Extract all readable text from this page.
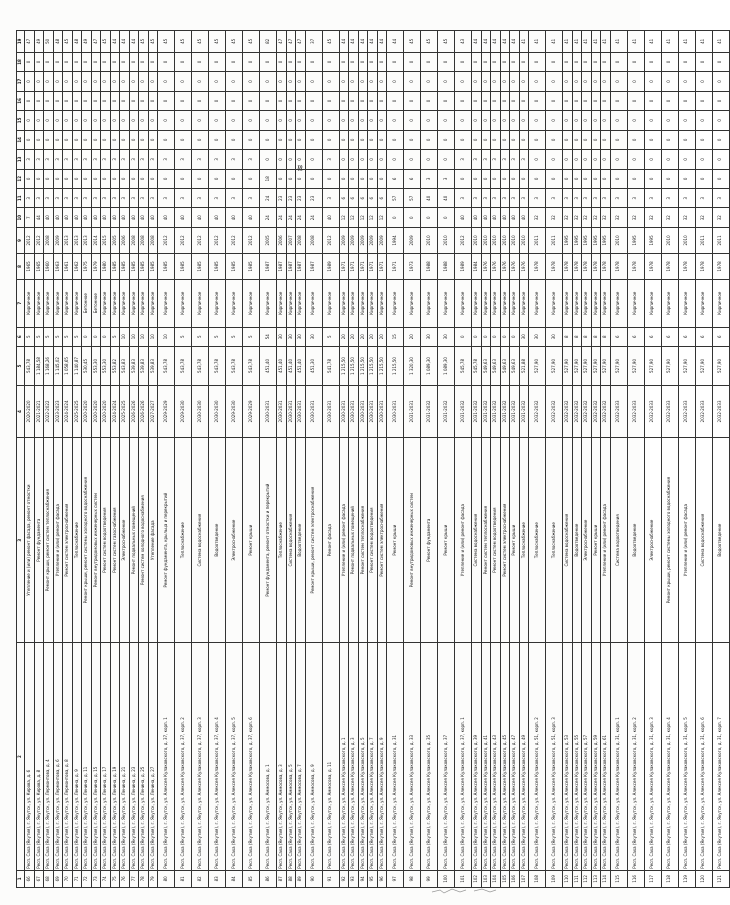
≋
1	2	3	4	5	6	7	8	9	10	11	12	13	14	15	16	17	18	19
66	Респ. Саха (Якутия), г. Якутск, ул. Кирова, д. 6	Утепление и (или) ремонт фасада, ремонт отмостки	2020-2020	543,78	5	Кирпичное	1965	2012	7	3	0	3	0	0	0	0	0	47
67	Респ. Саха (Якутия), г. Якутск, ул. Кирова, д. 8	Ремонт фундамента	2021-2021	1 184,58	5	Кирпичное	1965	2012	44	3	0	3	0	0	0	0	0	49
68	Респ. Саха (Якутия), г. Якутск, ул. Лермонтова, д. 4	Ремонт крыши, ремонт систем теплоснабжения	2022-2022	1 168,26	5	Кирпичное	1960	2008	40	3	0	3	0	0	0	0	0	50
69	Респ. Саха (Якутия), г. Якутск, ул. Лермонтова, д. 6	Утепление и (или) ремонт фасада	2023-2023	1 145,02	5	Кирпичное	1963	2009	40	3	0	3	0	0	0	0	0	48
70	Респ. Саха (Якутия), г. Якутск, ул. Лермонтова, д. 8	Ремонт систем электроснабжения	2024-2024	1 058,65	5	Кирпичное	1961	2013	40	3	0	3	0	0	0	0	0	45
71	Респ. Саха (Якутия), г. Якутск, ул. Ленина, д. 9	Теплоснабжение	2025-2025	1 140,87	5	Кирпичное	1962	2013	40	3	0	3	0	0	0	0	0	48
72	Респ. Саха (Якутия), г. Якутск, ул. Ленина, д. 11	Ремонт крыши, ремонт системы холодного водоснабжения	2020-2020	530,45	0	Бетонное	1975	2013	40	3	0	3	0	0	0	0	0	49
73	Респ. Саха (Якутия), г. Якутск, ул. Ленина, д. 15	Ремонт внутридомовых инженерных систем	2020-2020	553,30	0	Бетонное	1979	2014	40	3	0	3	0	0	0	0	0	47
74	Респ. Саха (Якутия), г. Якутск, ул. Ленина, д. 17	Ремонт систем водоотведения	2020-2020	553,30	0	Кирпичное	1980	2015	40	3	0	3	0	0	0	0	0	45
75	Респ. Саха (Якутия), г. Якутск, ул. Ленина, д. 19	Ремонт систем газоснабжения	2024-2024	553,82	5	Кирпичное	1985	2005	40	3	0	3	0	0	0	0	0	44
76	Респ. Саха (Якутия), г. Якутск, ул. Ленина, д. 21	Электроснабжение	2025-2025	543,83	10	Кирпичное	1985	2006	40	3	0	3	0	0	0	0	0	44
77	Респ. Саха (Якутия), г. Якутск, ул. Ленина, д. 23	Ремонт подвальных помещений	2026-2026	539,83	10	Кирпичное	1985	2008	40	3	0	3	0	0	0	0	0	44
78	Респ. Саха (Якутия), г. Якутск, ул. Ленина, д. 25	Ремонт систем холодного водоснабжения	2026-2026	539,83	10	Кирпичное	1985	2008	40	3	0	3	0	0	0	0	0	45
79	Респ. Саха (Якутия), г. Якутск, ул. Ленина, д. 27	Утепление фасада	2027-2027	539,83	10	Кирпичное	1985	2008	40	3	0	3	0	0	0	0	0	45
80	Респ. Саха (Якутия), г. Якутск, ул. Алексея Кулаковского, д. 37, корп. 1	Ремонт фундамента, крыльца и перекрытий	2029-2029	543,78	10	Кирпичное	1985	2012	40	3	0	3	0	0	0	0	0	45
81	Респ. Саха (Якутия), г. Якутск, ул. Алексея Кулаковского, д. 37, корп. 2	Теплоснабжение	2029-2030	543,78	5	Кирпичное	1985	2012	40	3	0	3	0	0	0	0	0	45
82	Респ. Саха (Якутия), г. Якутск, ул. Алексея Кулаковского, д. 37, корп. 3	Система водоснабжения	2030-2030	543,78	5	Кирпичное	1985	2012	40	3	0	3	0	0	0	0	0	45
83	Респ. Саха (Якутия), г. Якутск, ул. Алексея Кулаковского, д. 37, корп. 4	Водоотведение	2030-2030	543,78	5	Кирпичное	1985	2012	40	3	0	3	0	0	0	0	0	45
84	Респ. Саха (Якутия), г. Якутск, ул. Алексея Кулаковского, д. 37, корп. 5	Электроснабжение	2029-2030	543,78	5	Кирпичное	1985	2012	40	3	0	3	0	0	0	0	0	45
85	Респ. Саха (Якутия), г. Якутск, ул. Алексея Кулаковского, д. 37, корп. 6	Ремонт крыши	2029-2029	543,78	5	Кирпичное	1985	2012	40	3	0	3	0	0	0	0	0	45
86	Респ. Саха (Якутия), г. Якутск, ул. Аммосова, д. 1	Ремонт фундамента, ремонт отмостки и перекрытий	2030-2031	451,40	54	Кирпичное	1987	2005	24	24	18	0	0	0	0	0	0	82
87	Респ. Саха (Якутия), г. Якутск, ул. Аммосова, д. 3	Теплоснабжение	2030-2031	451,40	30	Кирпичное	1987	2006	24	23	0	0	0	0	0	0	0	47
88	Респ. Саха (Якутия), г. Якутск, ул. Аммосова, д. 5	Система водоснабжения	2030-2031	451,40	30	Кирпичное	1987	2007	24	23	0	0	0	0	0	0	0	47
89	Респ. Саха (Якутия), г. Якутск, ул. Аммосова, д. 7	Водоотведение	2030-2031	451,40	30	Кирпичное	1987	2008	24	23	0	0	0	0	0	0	0	47
90	Респ. Саха (Якутия), г. Якутск, ул. Аммосова, д. 9	Ремонт крыши, ремонт систем электроснабжения	2030-2031	451,30	30	Кирпичное	1987	2008	24	23	0	0	0	0	0	0	0	37
91	Респ. Саха (Якутия), г. Якутск, ул. Аммосова, д. 11	Ремонт фасада	2030-2031	541,78	5	Кирпичное	1989	2012	40	3	0	3	0	0	0	0	0	45
92	Респ. Саха (Якутия), г. Якутск, ул. Алексея Кулаковского, д. 1	Утепление и (или) ремонт фасада	2030-2031	1 215,50	20	Кирпичное	1971	2009	12	6	0	0	0	0	0	0	0	44
93	Респ. Саха (Якутия), г. Якутск, ул. Алексея Кулаковского, д. 3	Ремонт подвальных помещений	2030-2031	1 215,50	20	Кирпичное	1971	2009	12	6	0	0	0	0	0	0	0	44
94	Респ. Саха (Якутия), г. Якутск, ул. Алексея Кулаковского, д. 5	Ремонт систем теплоснабжения	2030-2031	1 215,50	20	Кирпичное	1971	2009	12	6	0	0	0	0	0	0	0	44
95	Респ. Саха (Якутия), г. Якутск, ул. Алексея Кулаковского, д. 7	Ремонт систем водоотведения	2030-2031	1 215,50	20	Кирпичное	1971	2009	12	6	0	0	0	0	0	0	0	44
96	Респ. Саха (Якутия), г. Якутск, ул. Алексея Кулаковского, д. 9	Ремонт систем электроснабжения	2030-2031	1 215,50	20	Кирпичное	1971	2009	12	6	0	0	0	0	0	0	0	44
97	Респ. Саха (Якутия), г. Якутск, ул. Алексея Кулаковского, д. 31	Ремонт крыши	2030-2031	1 215,50	15	Кирпичное	1971	1994	0	57	6	0	0	0	0	0	0	44
98	Респ. Саха (Якутия), г. Якутск, ул. Алексея Кулаковского, д. 33	Ремонт внутридомовых инженерных систем	2031-2031	1 320,30	20	Кирпичное	1973	2009	0	57	6	0	0	0	0	0	0	45
99	Респ. Саха (Якутия), г. Якутск, ул. Алексея Кулаковского, д. 35	Ремонт фундамента	2031-2032	1 089,30	30	Кирпичное	1988	2010	0	40	3	0	0	0	0	0	0	45
100	Респ. Саха (Якутия), г. Якутск, ул. Алексея Кулаковского, д. 37	Ремонт крыши	2031-2032	1 089,30	30	Кирпичное	1988	2010	0	40	3	0	0	0	0	0	0	45
101	Респ. Саха (Якутия), г. Якутск, ул. Алексея Кулаковского, д. 37, корп. 1	Утепление и (или) ремонт фасада	2031-2032	545,78	0	Кирпичное	1989	2012	40	3	0	3	0	0	0	0	0	43
102	Респ. Саха (Якутия), г. Якутск, ул. Алексея Кулаковского, д. 39	Система водоснабжения	2031-2032	545,78	0	Кирпичное	1984	2010	40	3	0	3	0	0	0	0	0	44
103	Респ. Саха (Якутия), г. Якутск, ул. Алексея Кулаковского, д. 41	Ремонт систем теплоснабжения	2031-2032	549,63	0	Кирпичное	1976	2010	40	3	0	3	0	0	0	0	0	44
104	Респ. Саха (Якутия), г. Якутск, ул. Алексея Кулаковского, д. 43	Ремонт систем водоотведения	2031-2032	549,63	0	Кирпичное	1976	2010	40	3	0	3	0	0	0	0	0	44
105	Респ. Саха (Якутия), г. Якутск, ул. Алексея Кулаковского, д. 45	Ремонт систем электроснабжения	2031-2032	549,63	0	Кирпичное	1976	2010	40	3	0	3	0	0	0	0	0	44
106	Респ. Саха (Якутия), г. Якутск, ул. Алексея Кулаковского, д. 47	Ремонт крыши	2031-2032	549,63	0	Кирпичное	1976	2010	40	3	0	3	0	0	0	0	0	44
107	Респ. Саха (Якутия), г. Якутск, ул. Алексея Кулаковского, д. 49	Теплоснабжение	2031-2032	521,88	30	Кирпичное	1976	2010	40	3	0	3	0	0	0	0	0	41
108	Респ. Саха (Якутия), г. Якутск, ул. Алексея Кулаковского, д. 51, корп. 2	Теплоснабжение	2032-2032	527,90	30	Кирпичное	1978	2011	32	3	0	0	0	0	0	0	0	41
109	Респ. Саха (Якутия), г. Якутск, ул. Алексея Кулаковского, д. 51, корп. 3	Теплоснабжение	2032-2032	527,90	30	Кирпичное	1978	2011	32	3	0	0	0	0	0	0	0	41
110	Респ. Саха (Якутия), г. Якутск, ул. Алексея Кулаковского, д. 53	Система водоснабжения	2032-2032	527,90	8	Кирпичное	1978	1995	32	3	0	0	0	0	0	0	0	41
111	Респ. Саха (Якутия), г. Якутск, ул. Алексея Кулаковского, д. 55	Водоотведение	2032-2032	527,90	8	Кирпичное	1978	1995	32	3	0	0	0	0	0	0	0	41
112	Респ. Саха (Якутия), г. Якутск, ул. Алексея Кулаковского, д. 57	Электроснабжение	2032-2032	527,90	8	Кирпичное	1978	1995	32	3	0	0	0	0	0	0	0	41
113	Респ. Саха (Якутия), г. Якутск, ул. Алексея Кулаковского, д. 59	Ремонт крыши	2032-2032	527,90	8	Кирпичное	1978	1995	32	3	0	0	0	0	0	0	0	41
114	Респ. Саха (Якутия), г. Якутск, ул. Алексея Кулаковского, д. 61	Утепление и (или) ремонт фасада	2032-2032	527,90	8	Кирпичное	1978	1995	32	3	0	0	0	0	0	0	0	41
115	Респ. Саха (Якутия), г. Якутск, ул. Алексея Кулаковского, д. 31, корп. 1	Система водоотведения	2032-2033	527,90	6	Кирпичное	1978	2010	32	3	0	0	0	0	0	0	0	41
116	Респ. Саха (Якутия), г. Якутск, ул. Алексея Кулаковского, д. 31, корп. 2	Водоотведение	2032-2033	527,90	6	Кирпичное	1978	1995	32	3	0	0	0	0	0	0	0	41
117	Респ. Саха (Якутия), г. Якутск, ул. Алексея Кулаковского, д. 31, корп. 3	Электроснабжение	2032-2033	527,90	6	Кирпичное	1978	1995	32	3	0	0	0	0	0	0	0	41
118	Респ. Саха (Якутия), г. Якутск, ул. Алексея Кулаковского, д. 31, корп. 4	Ремонт крыши, ремонт системы холодного водоснабжения	2032-2033	527,90	6	Кирпичное	1978	2010	32	3	0	0	0	0	0	0	0	41
119	Респ. Саха (Якутия), г. Якутск, ул. Алексея Кулаковского, д. 31, корп. 5	Утепление и (или) ремонт фасада	2032-2033	527,90	6	Кирпичное	1978	2010	32	3	0	0	0	0	0	0	0	41
120	Респ. Саха (Якутия), г. Якутск, ул. Алексея Кулаковского, д. 31, корп. 6	Система водоснабжения	2032-2033	527,90	6	Кирпичное	1978	2011	32	3	0	0	0	0	0	0	0	41
121	Респ. Саха (Якутия), г. Якутск, ул. Алексея Кулаковского, д. 31, корп. 7	Водоотведение	2032-2033	527,90	6	Кирпичное	1978	2011	32	3	0	0	0	0	0	0	0	41
